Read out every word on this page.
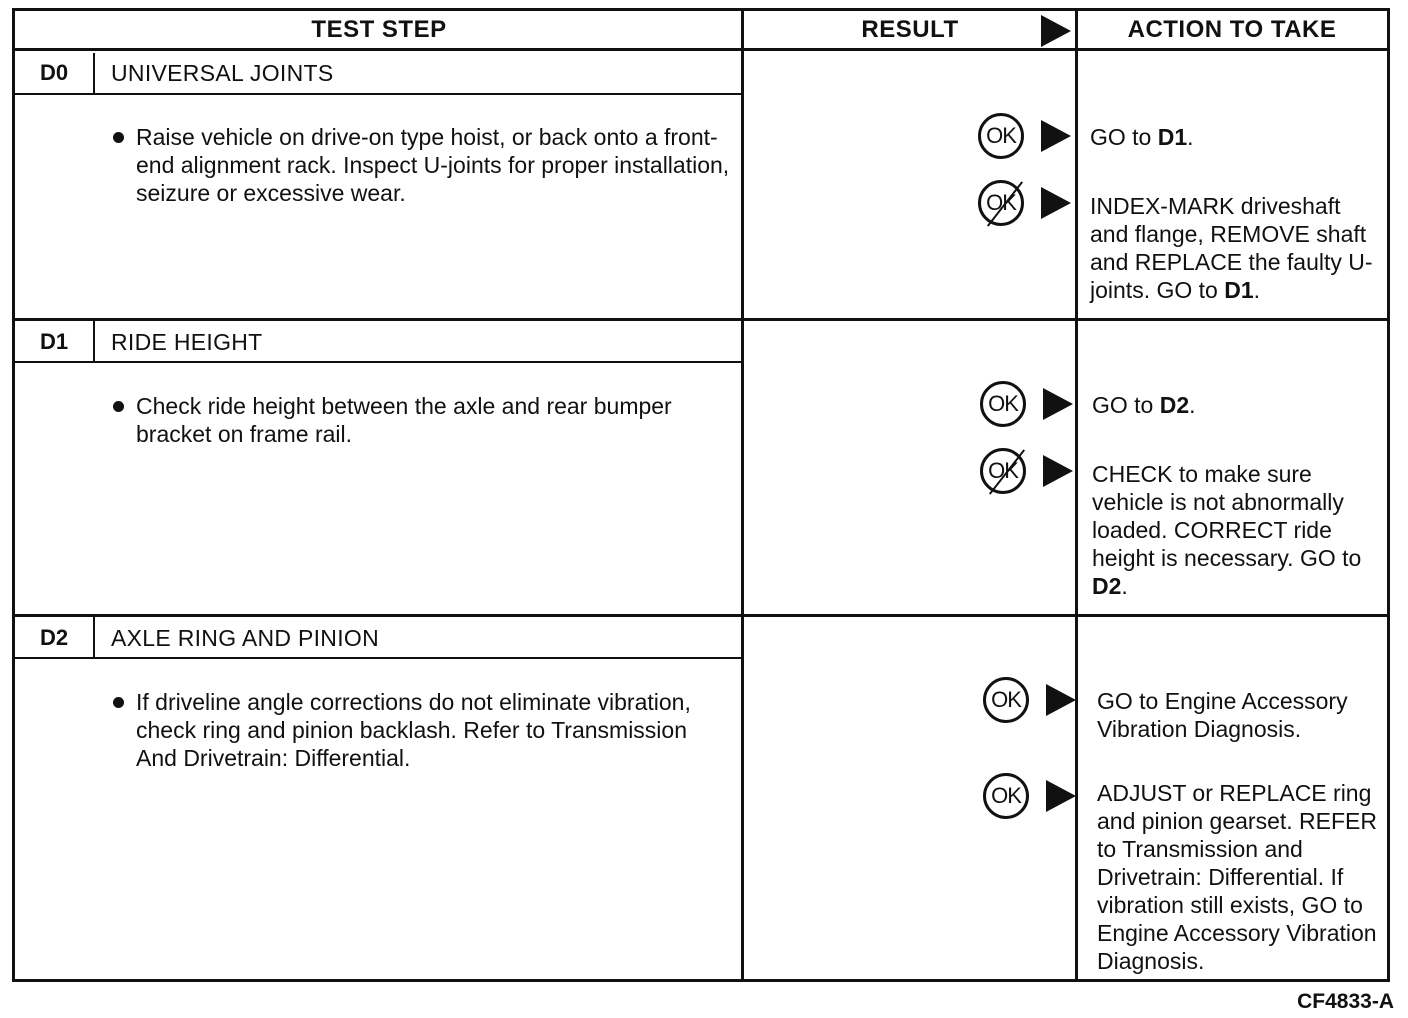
TEST STEP	RESULT	ACTION TO TAKE
D0	UNIVERSAL JOINTS
Raise vehicle on drive-on type hoist, or back onto a front-end alignment rack. Inspect U-joints for proper installation, seizure or excessive wear.
OK	GO to D1.
OK	INDEX-MARK driveshaft and flange, REMOVE shaft and REPLACE the faulty U-joints. GO to D1.
D1	RIDE HEIGHT
Check ride height between the axle and rear bumper bracket on frame rail.
OK	GO to D2.
OK	CHECK to make sure vehicle is not abnormally loaded. CORRECT ride height is necessary. GO to D2.
D2	AXLE RING AND PINION
If driveline angle corrections do not eliminate vibration, check ring and pinion backlash. Refer to Transmission And Drivetrain: Differential.
OK	GO to Engine Accessory Vibration Diagnosis.
OK	ADJUST or REPLACE ring and pinion gearset. REFER to Transmission and Drivetrain: Differential. If vibration still exists, GO to Engine Accessory Vibration Diagnosis.
CF4833-A
